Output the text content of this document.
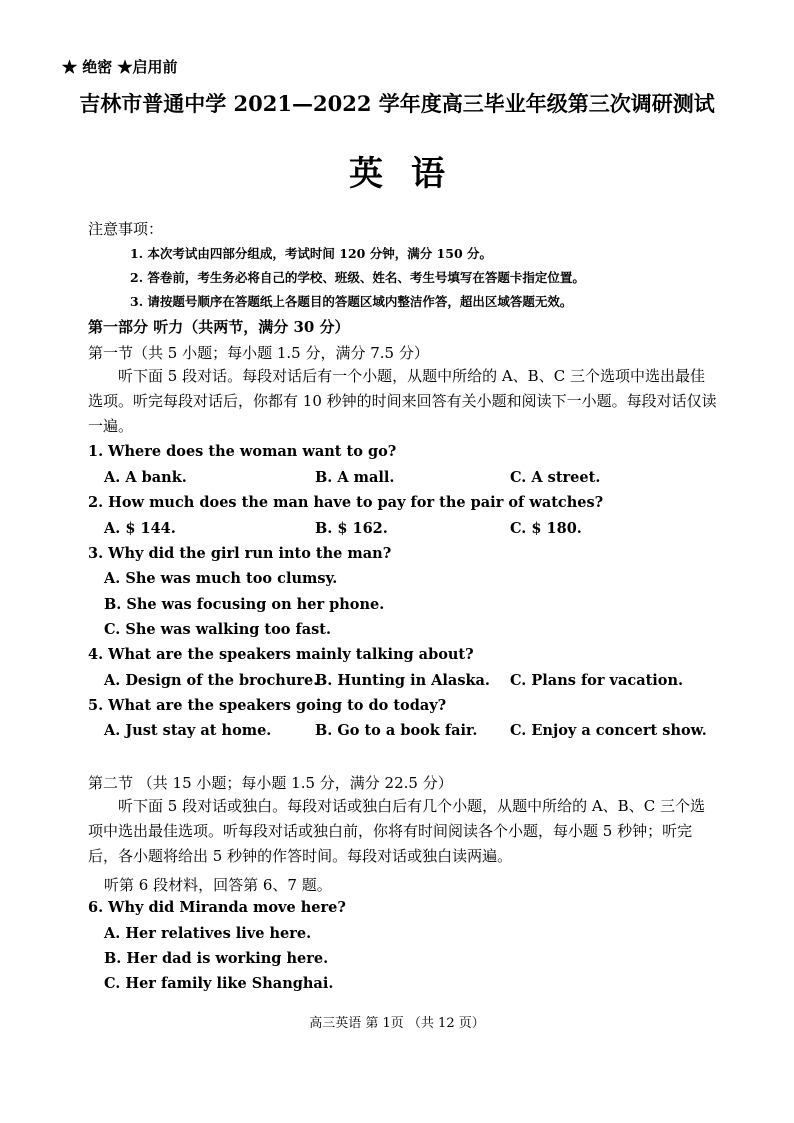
★ 绝密 ★启用前
吉林市普通中学 2021—2022 学年度高三毕业年级第三次调研测试
英语
注意事项：
1. 本次考试由四部分组成，考试时间 120 分钟，满分 150 分。
2. 答卷前，考生务必将自己的学校、班级、姓名、考生号填写在答题卡指定位置。
3. 请按题号顺序在答题纸上各题目的答题区域内整洁作答，超出区域答题无效。
第一部分 听力（共两节，满分 30 分）
第一节（共 5 小题；每小题 1.5 分，满分 7.5 分）
听下面 5 段对话。每段对话后有一个小题，从题中所给的 A、B、C 三个选项中选出最佳选项。听完每段对话后，你都有 10 秒钟的时间来回答有关小题和阅读下一小题。每段对话仅读一遍。
1. Where does the woman want to go?
A. A bank.	B. A mall.	C. A street.
2. How much does the man have to pay for the pair of watches?
A. $ 144.	B. $ 162.	C. $ 180.
3. Why did the girl run into the man?
A. She was much too clumsy.
B. She was focusing on her phone.
C. She was walking too fast.
4. What are the speakers mainly talking about?
A. Design of the brochure.
B. Hunting in Alaska. C. Plans for vacation.
5. What are the speakers going to do today?
A. Just stay at home.	B. Go to a book fair. C. Enjoy a concert show.
第二节 （共 15 小题；每小题 1.5 分，满分 22.5 分）
听下面 5 段对话或独白。每段对话或独白后有几个小题，从题中所给的 A、B、C 三个选项中选出最佳选项。听每段对话或独白前，你将有时间阅读各个小题，每小题 5 秒钟；听完后，各小题将给出 5 秒钟的作答时间。每段对话或独白读两遍。
听第 6 段材料，回答第 6、7 题。
6. Why did Miranda move here?
A. Her relatives live here.
B. Her dad is working here.
C. Her family like Shanghai.
高三英语 第 1页 （共 12 页）
